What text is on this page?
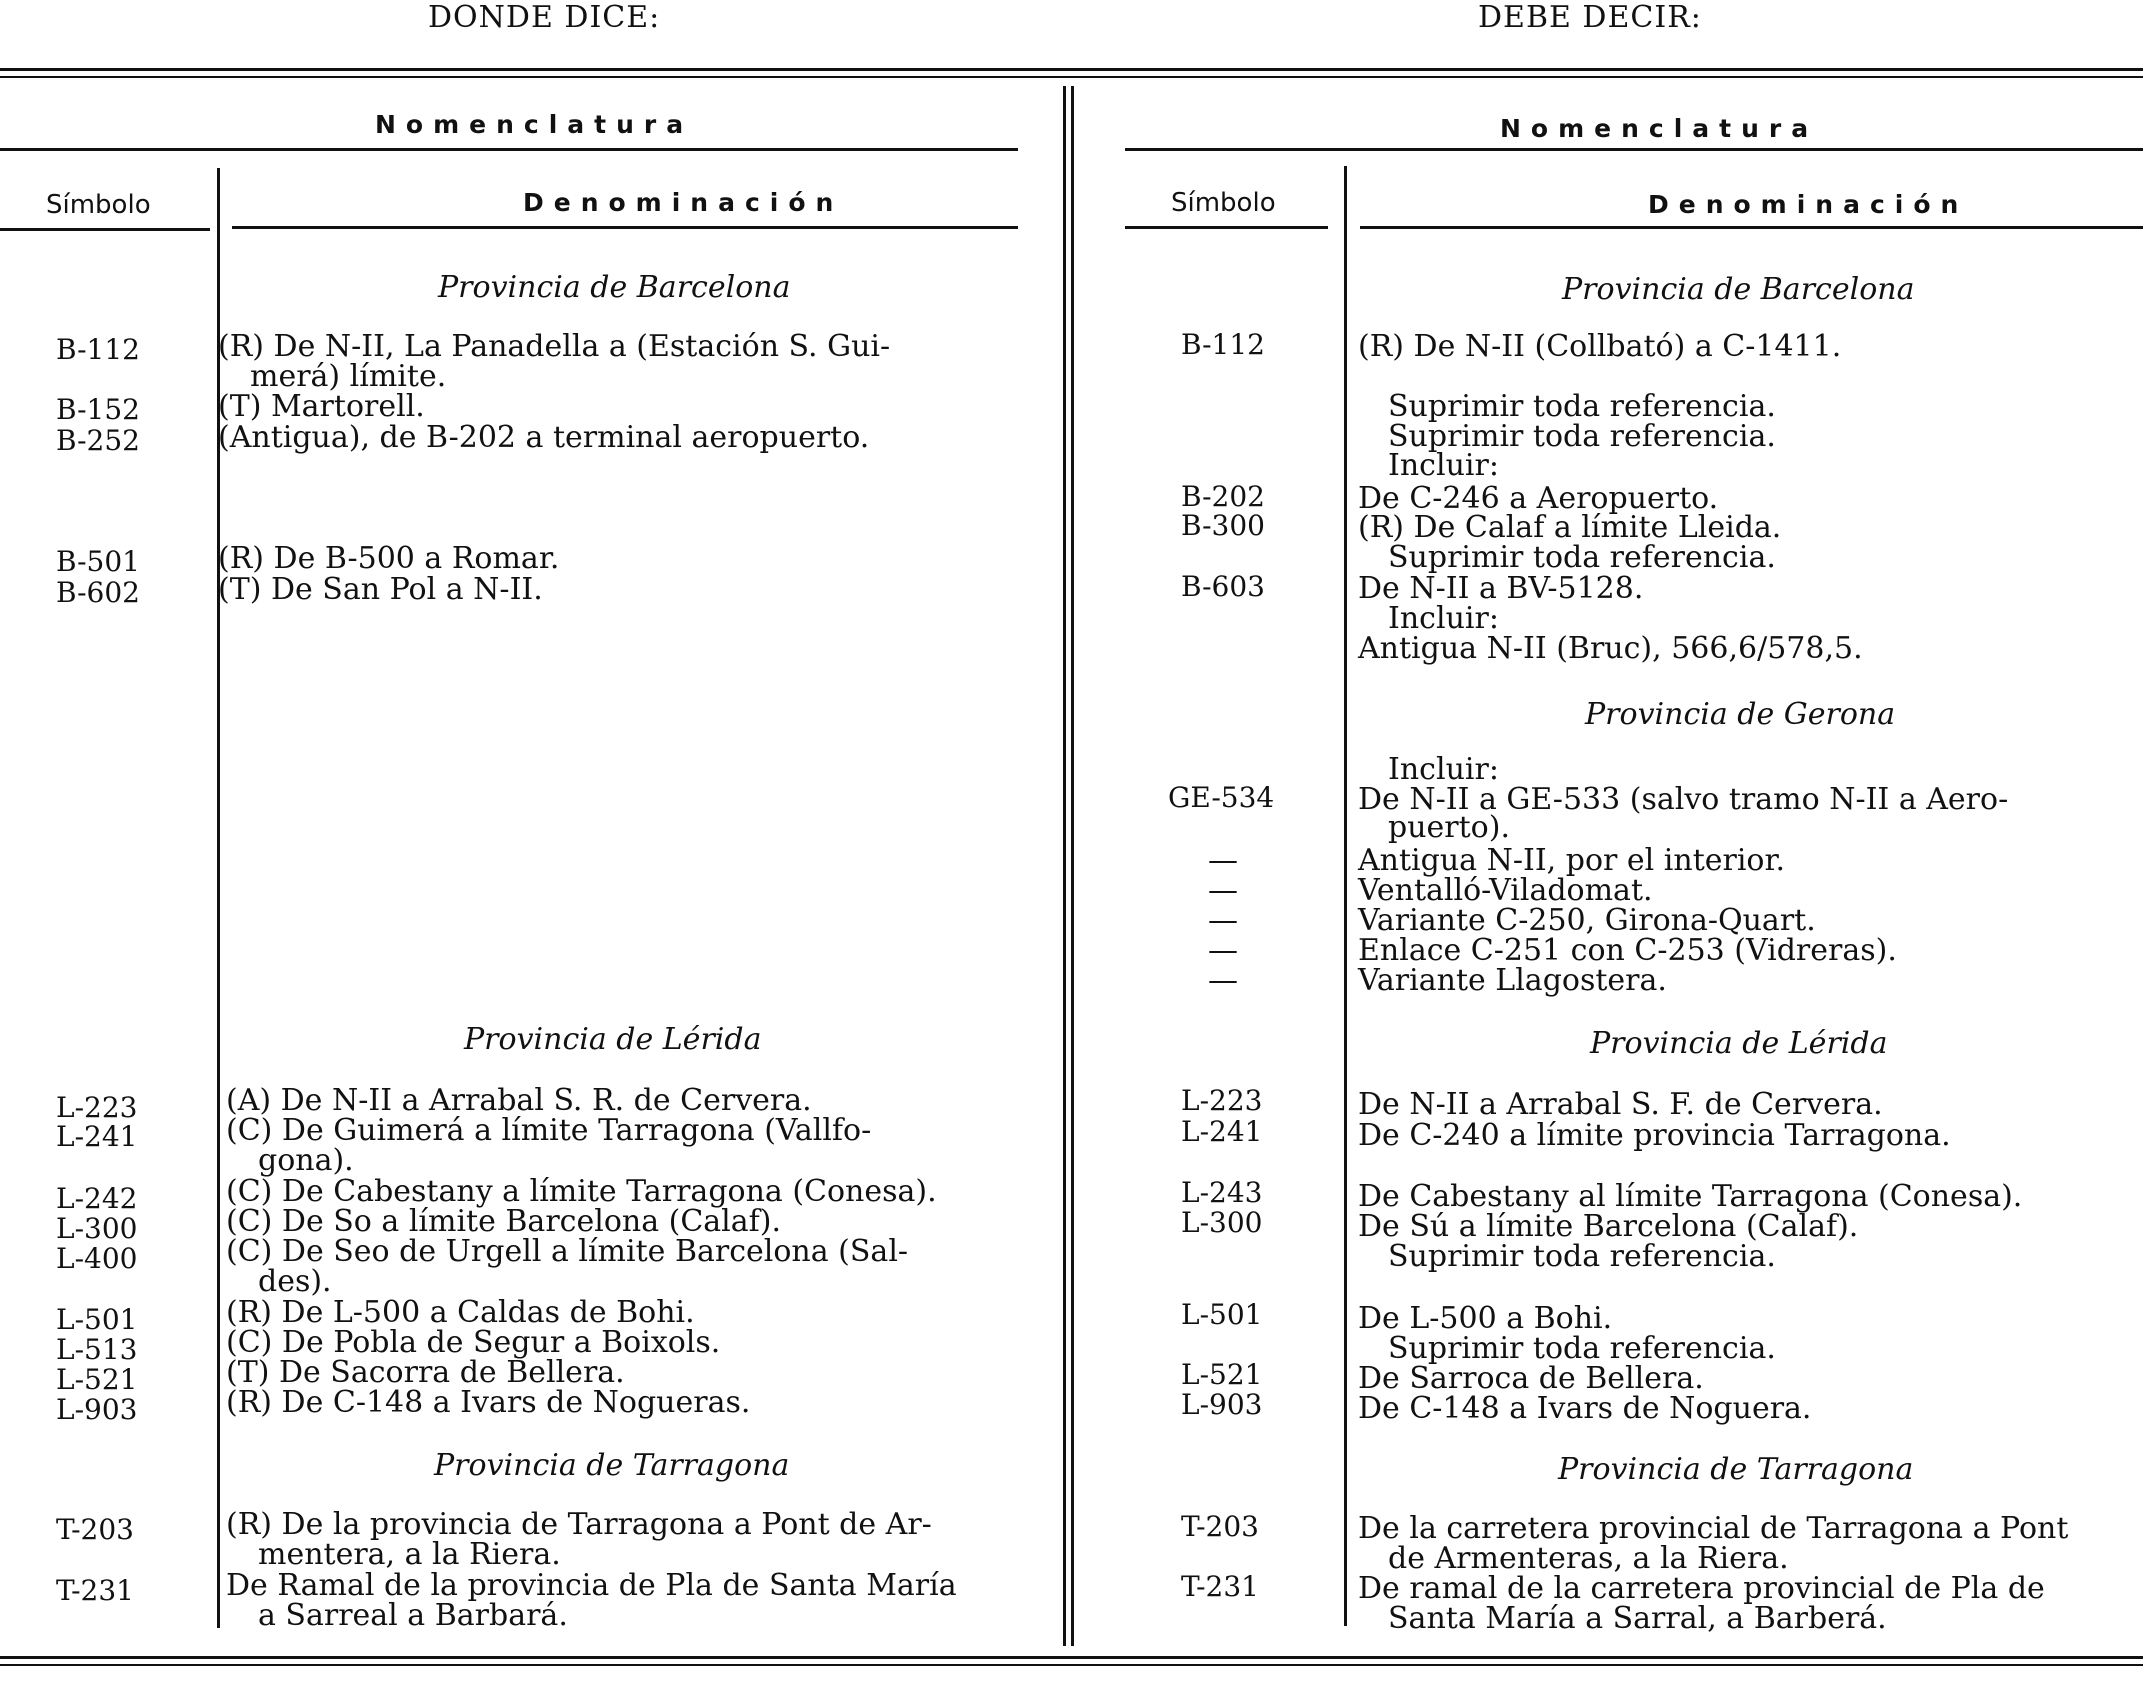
DONDE DICE:	DEBE DECIR:
Nomenclatura
Símbolo	Denominación
Nomenclatura
Símbolo	Denominación
Provincia de Barcelona
Provincia de Lérida
Provincia de Tarragona
B-112	(R) De N-II, La Panadella a (Estación S. Gui-
merá) límite.
B-152	(T) Martorell.
B-252	(Antigua), de B-202 a terminal aeropuerto.
B-501	(R) De B-500 a Romar.
B-602	(T) De San Pol a N-II.
L-223	(A) De N-II a Arrabal S. R. de Cervera.
L-241	(C) De Guimerá a límite Tarragona (Vallfo-
gona).
L-242	(C) De Cabestany a límite Tarragona (Conesa).
L-300	(C) De So a límite Barcelona (Calaf).
L-400	(C) De Seo de Urgell a límite Barcelona (Sal-
des).
L-501	(R) De L-500 a Caldas de Bohi.
L-513	(C) De Pobla de Segur a Boixols.
L-521	(T) De Sacorra de Bellera.
L-903	(R) De C-148 a Ivars de Nogueras.
T-203	(R) De la provincia de Tarragona a Pont de Ar-
mentera, a la Riera.
T-231	De Ramal de la provincia de Pla de Santa María
a Sarreal a Barbará.
Provincia de Barcelona
Provincia de Gerona
Provincia de Lérida
Provincia de Tarragona
B-112	(R) De N-II (Collbató) a C-1411.
Suprimir toda referencia.
Suprimir toda referencia.
Incluir:
B-202	De C-246 a Aeropuerto.
B-300	(R) De Calaf a límite Lleida.
Suprimir toda referencia.
B-603	De N-II a BV-5128.
Incluir:
Antigua N-II (Bruc), 566,6/578,5.
Incluir:
GE-534	De N-II a GE-533 (salvo tramo N-II a Aero-
puerto).
—	Antigua N-II, por el interior.
—	Ventalló-Viladomat.
—	Variante C-250, Girona-Quart.
—	Enlace C-251 con C-253 (Vidreras).
—	Variante Llagostera.
L-223	De N-II a Arrabal S. F. de Cervera.
L-241	De C-240 a límite provincia Tarragona.
L-243	De Cabestany al límite Tarragona (Conesa).
L-300	De Sú a límite Barcelona (Calaf).
Suprimir toda referencia.
L-501	De L-500 a Bohi.
Suprimir toda referencia.
L-521	De Sarroca de Bellera.
L-903	De C-148 a Ivars de Noguera.
T-203	De la carretera provincial de Tarragona a Pont
de Armenteras, a la Riera.
T-231	De ramal de la carretera provincial de Pla de
Santa María a Sarral, a Barberá.
